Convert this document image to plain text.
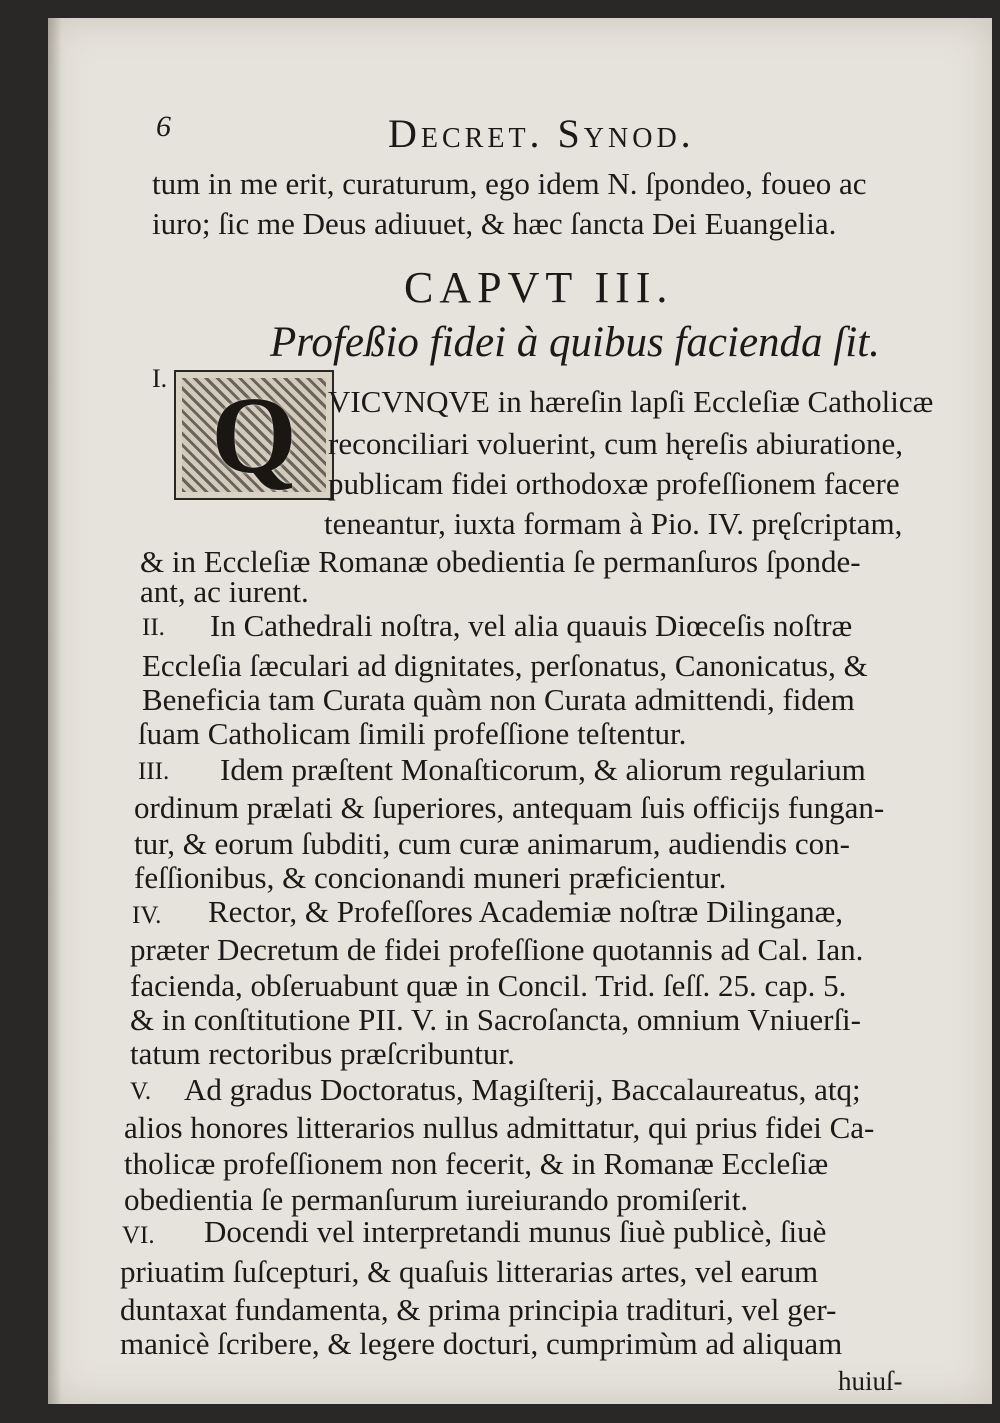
6	Decret. Synod.
tum in me erit, curaturum, ego idem N. ſpondeo, foueo ac
iuro; ſic me Deus adiuuet, & hæc ſancta Dei Euangelia.
CAPVT III.
Profeßio fidei à quibus facienda ſit.
I. Q	VICVNQVE in hæreſin lapſi Eccleſiæ Catholicæ
reconciliari voluerint, cum hęreſis abiuratione,
publicam fidei orthodoxæ profeſſionem facere
teneantur, iuxta formam à Pio. IV. pręſcriptam,
& in Eccleſiæ Romanæ obedientia ſe permanſuros ſponde-
ant, ac iurent.
II. In Cathedrali noſtra, vel alia quauis Diœceſis noſtræ
Eccleſia ſæculari ad dignitates, perſonatus, Canonicatus, &
Beneficia tam Curata quàm non Curata admittendi, fidem
ſuam Catholicam ſimili profeſſione teſtentur.
III. Idem præſtent Monaſticorum, & aliorum regularium
ordinum prælati & ſuperiores, antequam ſuis officijs fungan-
tur, & eorum ſubditi, cum curæ animarum, audiendis con-
feſſionibus, & concionandi muneri præficientur.
IV. Rector, & Profeſſores Academiæ noſtræ Dilinganæ,
præter Decretum de fidei profeſſione quotannis ad Cal. Ian.
facienda, obſeruabunt quæ in Concil. Trid. ſeſſ. 25. cap. 5.
& in conſtitutione PII. V. in Sacroſancta, omnium Vniuerſi-
tatum rectoribus præſcribuntur.
V. Ad gradus Doctoratus, Magiſterij, Baccalaureatus, atq;
alios honores litterarios nullus admittatur, qui prius fidei Ca-
tholicæ profeſſionem non fecerit, & in Romanæ Eccleſiæ
obedientia ſe permanſurum iureiurando promiſerit.
VI. Docendi vel interpretandi munus ſiuè publicè, ſiuè
priuatim ſuſcepturi, & quaſuis litterarias artes, vel earum
duntaxat fundamenta, & prima principia tradituri, vel ger-
manicè ſcribere, & legere docturi, cumprimùm ad aliquam
huiuſ-
